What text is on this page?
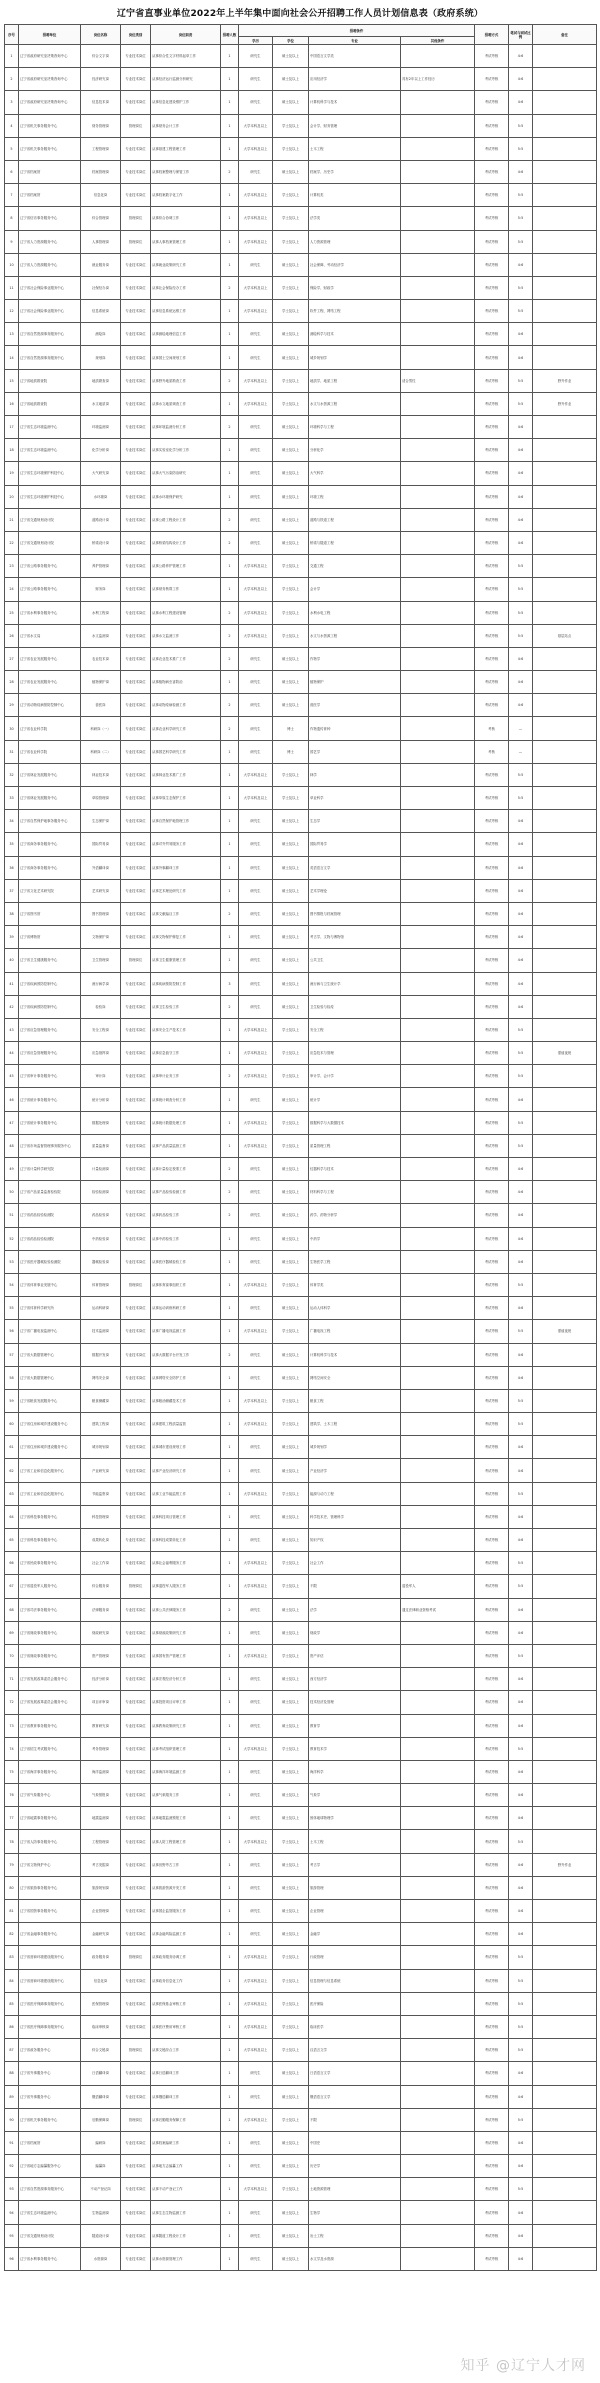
辽宁省直事业单位2022年上半年集中面向社会公开招聘工作人员计划信息表（政府系统）
序号	招聘单位	岗位名称	岗位类别	岗位职责	招聘人数	招聘条件				招聘方式	笔试与面试比例	备注
						学历	学位	专业	其他条件			
1	辽宁省政府研究室决策咨询中心	综合文字岗	专业技术岗位	从事综合性文字材料起草工作	1	研究生	硕士及以上	中国语言文学类		考试考核	4:6	
2	辽宁省政府研究室决策咨询中心	经济研究岗	专业技术岗位	从事经济运行监测分析研究	1	研究生	硕士及以上	应用经济学	具有2年以上工作经历	考试考核	4:6	
3	辽宁省政府研究室决策咨询中心	信息技术岗	专业技术岗位	从事信息化建设维护工作	1	研究生	硕士及以上	计算机科学与技术		考试考核	4:6	
4	辽宁省机关事务服务中心	财务管理岗	管理岗位	从事财务会计工作	1	大学本科及以上	学士及以上	会计学、财务管理		考试考核	5:5	
5	辽宁省机关事务服务中心	工程管理岗	专业技术岗位	从事基建工程管理工作	1	大学本科及以上	学士及以上	土木工程		考试考核	5:5	
6	辽宁省档案馆	档案管理岗	专业技术岗位	从事档案整理与保管工作	2	研究生	硕士及以上	档案学、历史学		考试考核	4:6	
7	辽宁省档案馆	信息化岗	专业技术岗位	从事档案数字化工作	1	大学本科及以上	学士及以上	计算机类		考试考核	5:5	
8	辽宁省信访事务服务中心	综合管理岗	管理岗位	从事综合协调工作	1	大学本科及以上	学士及以上	法学类		考试考核	5:5	
9	辽宁省人力资源服务中心	人事管理岗	管理岗位	从事人事档案管理工作	1	大学本科及以上	学士及以上	人力资源管理		考试考核	5:5	
10	辽宁省人力资源服务中心	就业服务岗	专业技术岗位	从事就业政策研究工作	1	研究生	硕士及以上	社会保障、劳动经济学		考试考核	4:6	
11	辽宁省社会保险事业服务中心	社保经办岗	专业技术岗位	从事社会保险经办工作	2	大学本科及以上	学士及以上	保险学、财政学		考试考核	5:5	
12	辽宁省社会保险事业服务中心	信息系统岗	专业技术岗位	从事信息系统运维工作	1	大学本科及以上	学士及以上	软件工程、网络工程		考试考核	5:5	
13	辽宁省自然资源事务服务中心	测绘岗	专业技术岗位	从事测绘地理信息工作	1	研究生	硕士及以上	测绘科学与技术		考试考核	4:6	
14	辽宁省自然资源事务服务中心	规划岗	专业技术岗位	从事国土空间规划工作	1	研究生	硕士及以上	城乡规划学		考试考核	4:6	
15	辽宁省地质勘查院	地质勘查岗	专业技术岗位	从事野外地质勘查工作	2	大学本科及以上	学士及以上	地质学、地质工程	适合男性	考试考核	5:5	野外作业
16	辽宁省地质勘查院	水文地质岗	专业技术岗位	从事水文地质调查工作	1	大学本科及以上	学士及以上	水文与水资源工程		考试考核	5:5	野外作业
17	辽宁省生态环境监测中心	环境监测岗	专业技术岗位	从事环境监测分析工作	2	研究生	硕士及以上	环境科学与工程		考试考核	4:6	
18	辽宁省生态环境监测中心	化学分析岗	专业技术岗位	从事实验室化学分析工作	1	研究生	硕士及以上	分析化学		考试考核	4:6	
19	辽宁省生态环境保护科技中心	大气研究岗	专业技术岗位	从事大气污染防治研究	1	研究生	硕士及以上	大气科学		考试考核	4:6	
20	辽宁省生态环境保护科技中心	水环境岗	专业技术岗位	从事水环境保护研究	1	研究生	硕士及以上	环境工程		考试考核	4:6	
21	辽宁省交通规划设计院	道路设计岗	专业技术岗位	从事公路工程设计工作	2	研究生	硕士及以上	道路与铁道工程		考试考核	4:6	
22	辽宁省交通规划设计院	桥梁设计岗	专业技术岗位	从事桥梁结构设计工作	2	研究生	硕士及以上	桥梁与隧道工程		考试考核	4:6	
23	辽宁省公路事务服务中心	养护管理岗	专业技术岗位	从事公路养护管理工作	1	大学本科及以上	学士及以上	交通工程		考试考核	5:5	
24	辽宁省公路事务服务中心	财务岗	专业技术岗位	从事财务核算工作	1	大学本科及以上	学士及以上	会计学		考试考核	5:5	
25	辽宁省水利事务服务中心	水利工程岗	专业技术岗位	从事水利工程建设管理	2	大学本科及以上	学士及以上	水利水电工程		考试考核	5:5	
26	辽宁省水文局	水文监测岗	专业技术岗位	从事水文监测工作	2	大学本科及以上	学士及以上	水文与水资源工程		考试考核	5:5	基层站点
27	辽宁省农业发展服务中心	农业技术岗	专业技术岗位	从事农业技术推广工作	2	研究生	硕士及以上	作物学		考试考核	4:6	
28	辽宁省农业发展服务中心	植物保护岗	专业技术岗位	从事植物病虫害防治	1	研究生	硕士及以上	植物保护		考试考核	4:6	
29	辽宁省动物疫病预防控制中心	兽医岗	专业技术岗位	从事动物疫病检测工作	2	研究生	硕士及以上	兽医学		考试考核	4:6	
30	辽宁省农业科学院	科研岗（一）	专业技术岗位	从事农业科学研究工作	2	研究生	博士	作物遗传育种		考核	—	
31	辽宁省农业科学院	科研岗（二）	专业技术岗位	从事园艺科学研究工作	1	研究生	博士	园艺学		考核	—	
32	辽宁省林业发展服务中心	林业技术岗	专业技术岗位	从事林业技术推广工作	1	大学本科及以上	学士及以上	林学		考试考核	5:5	
33	辽宁省林业发展服务中心	草原管理岗	专业技术岗位	从事草原生态保护工作	1	大学本科及以上	学士及以上	草业科学		考试考核	5:5	
34	辽宁省自然保护地事务服务中心	生态保护岗	专业技术岗位	从事自然保护地管理工作	1	研究生	硕士及以上	生态学		考试考核	4:6	
35	辽宁省商务事务服务中心	国际贸易岗	专业技术岗位	从事对外贸易服务工作	1	研究生	硕士及以上	国际贸易学		考试考核	4:6	
36	辽宁省商务事务服务中心	外语翻译岗	专业技术岗位	从事外事翻译工作	1	研究生	硕士及以上	英语语言文学		考试考核	4:6	
37	辽宁省文化艺术研究院	艺术研究岗	专业技术岗位	从事艺术理论研究工作	1	研究生	硕士及以上	艺术学理论		考试考核	4:6	
38	辽宁省图书馆	图书管理岗	专业技术岗位	从事文献编目工作	2	研究生	硕士及以上	图书情报与档案管理		考试考核	4:6	
39	辽宁省博物馆	文物保护岗	专业技术岗位	从事文物保护修复工作	1	研究生	硕士及以上	考古学、文物与博物馆		考试考核	4:6	
40	辽宁省卫生健康服务中心	卫生管理岗	管理岗位	从事卫生健康管理工作	1	研究生	硕士及以上	公共卫生		考试考核	4:6	
41	辽宁省疾病预防控制中心	流行病学岗	专业技术岗位	从事疾病预防控制工作	3	研究生	硕士及以上	流行病与卫生统计学		考试考核	4:6	
42	辽宁省疾病预防控制中心	检验岗	专业技术岗位	从事卫生检验工作	2	研究生	硕士及以上	卫生检验与检疫		考试考核	4:6	
43	辽宁省应急管理服务中心	安全工程岗	专业技术岗位	从事安全生产技术工作	1	大学本科及以上	学士及以上	安全工程		考试考核	5:5	
44	辽宁省应急管理服务中心	应急指挥岗	专业技术岗位	从事应急值守工作	1	大学本科及以上	学士及以上	应急技术与管理		考试考核	5:5	需值夜班
45	辽宁省审计事务服务中心	审计岗	专业技术岗位	从事审计业务工作	2	大学本科及以上	学士及以上	审计学、会计学		考试考核	5:5	
46	辽宁省统计事务服务中心	统计分析岗	专业技术岗位	从事统计调查分析工作	1	研究生	硕士及以上	统计学		考试考核	4:6	
47	辽宁省统计事务服务中心	数据处理岗	专业技术岗位	从事统计数据处理工作	1	大学本科及以上	学士及以上	数据科学与大数据技术		考试考核	5:5	
48	辽宁省市场监督管理事务服务中心	质量监督岗	专业技术岗位	从事产品质量监督工作	1	大学本科及以上	学士及以上	质量管理工程		考试考核	5:5	
49	辽宁省计量科学研究院	计量检测岗	专业技术岗位	从事计量检定校准工作	2	研究生	硕士及以上	仪器科学与技术		考试考核	4:6	
50	辽宁省产品质量监督检验院	检验检测岗	专业技术岗位	从事产品检验检测工作	2	研究生	硕士及以上	材料科学与工程		考试考核	4:6	
51	辽宁省药品检验检测院	药品检验岗	专业技术岗位	从事药品检验工作	2	研究生	硕士及以上	药学、药物分析学		考试考核	4:6	
52	辽宁省药品检验检测院	中药检验岗	专业技术岗位	从事中药检验工作	1	研究生	硕士及以上	中药学		考试考核	4:6	
53	辽宁省医疗器械检验检测院	器械检验岗	专业技术岗位	从事医疗器械检验工作	1	研究生	硕士及以上	生物医学工程		考试考核	4:6	
54	辽宁省体育事业发展中心	体育管理岗	管理岗位	从事体育赛事组织工作	1	大学本科及以上	学士及以上	体育学类		考试考核	5:5	
55	辽宁省体育科学研究所	运动科研岗	专业技术岗位	从事运动训练科研工作	1	研究生	硕士及以上	运动人体科学		考试考核	4:6	
56	辽宁省广播电视监测中心	技术监测岗	专业技术岗位	从事广播电视监测工作	1	大学本科及以上	学士及以上	广播电视工程		考试考核	5:5	需值夜班
57	辽宁省大数据管理中心	数据开发岗	专业技术岗位	从事大数据平台开发工作	2	研究生	硕士及以上	计算机科学与技术		考试考核	4:6	
58	辽宁省大数据管理中心	网络安全岗	专业技术岗位	从事网络安全防护工作	1	研究生	硕士及以上	网络空间安全		考试考核	4:6	
59	辽宁省粮食发展服务中心	粮食储藏岗	专业技术岗位	从事粮油储藏技术工作	1	大学本科及以上	学士及以上	粮食工程		考试考核	5:5	
60	辽宁省住房和城乡建设服务中心	建筑工程岗	专业技术岗位	从事建筑工程质量监管	1	大学本科及以上	学士及以上	建筑学、土木工程		考试考核	5:5	
61	辽宁省住房和城乡建设服务中心	城市规划岗	专业技术岗位	从事城市建设规划工作	1	研究生	硕士及以上	城乡规划学		考试考核	4:6	
62	辽宁省工业和信息化服务中心	产业研究岗	专业技术岗位	从事产业经济研究工作	1	研究生	硕士及以上	产业经济学		考试考核	4:6	
63	辽宁省工业和信息化服务中心	节能监察岗	专业技术岗位	从事工业节能监察工作	1	大学本科及以上	学士及以上	能源与动力工程		考试考核	5:5	
64	辽宁省科技事务服务中心	科技管理岗	专业技术岗位	从事科技项目管理工作	1	研究生	硕士及以上	科学技术史、管理科学		考试考核	4:6	
65	辽宁省科技事务服务中心	成果转化岗	专业技术岗位	从事科技成果转化工作	1	研究生	硕士及以上	知识产权		考试考核	4:6	
66	辽宁省民政事务服务中心	社会工作岗	专业技术岗位	从事社会福利服务工作	1	大学本科及以上	学士及以上	社会工作		考试考核	5:5	
67	辽宁省退役军人服务中心	综合服务岗	管理岗位	从事退役军人服务工作	1	大学本科及以上	学士及以上	不限	退役军人	考试考核	5:5	
68	辽宁省司法事务服务中心	法律服务岗	专业技术岗位	从事公共法律服务工作	2	研究生	硕士及以上	法学	通过法律职业资格考试	考试考核	4:6	
69	辽宁省财政事务服务中心	财政研究岗	专业技术岗位	从事财政政策研究工作	1	研究生	硕士及以上	财政学		考试考核	4:6	
70	辽宁省财政事务服务中心	资产管理岗	专业技术岗位	从事国有资产管理工作	1	大学本科及以上	学士及以上	资产评估		考试考核	5:5	
71	辽宁省发展改革委员会服务中心	经济分析岗	专业技术岗位	从事宏观经济分析工作	1	研究生	硕士及以上	西方经济学		考试考核	4:6	
72	辽宁省发展改革委员会服务中心	项目评审岗	专业技术岗位	从事投资项目评审工作	1	研究生	硕士及以上	技术经济及管理		考试考核	4:6	
73	辽宁省教育事务服务中心	教育研究岗	专业技术岗位	从事教育政策研究工作	1	研究生	硕士及以上	教育学		考试考核	4:6	
74	辽宁省招生考试服务中心	考务管理岗	专业技术岗位	从事考试组织管理工作	1	大学本科及以上	学士及以上	教育技术学		考试考核	5:5	
75	辽宁省海洋事务服务中心	海洋监测岗	专业技术岗位	从事海洋环境监测工作	1	研究生	硕士及以上	海洋科学		考试考核	4:6	
76	辽宁省气象服务中心	气象预报岗	专业技术岗位	从事气象服务工作	1	研究生	硕士及以上	气象学		考试考核	4:6	
77	辽宁省地震事务服务中心	地震监测岗	专业技术岗位	从事地震监测预报工作	1	研究生	硕士及以上	固体地球物理学		考试考核	4:6	
78	辽宁省人防事务服务中心	工程管理岗	专业技术岗位	从事人防工程管理工作	1	大学本科及以上	学士及以上	土木工程		考试考核	5:5	
79	辽宁省文物保护中心	考古发掘岗	专业技术岗位	从事田野考古工作	1	研究生	硕士及以上	考古学		考试考核	4:6	野外作业
80	辽宁省旅游事务服务中心	旅游规划岗	专业技术岗位	从事旅游资源开发工作	1	研究生	硕士及以上	旅游管理		考试考核	4:6	
81	辽宁省国资事务服务中心	企业管理岗	专业技术岗位	从事国企监管服务工作	1	研究生	硕士及以上	企业管理		考试考核	4:6	
82	辽宁省金融事务服务中心	金融研究岗	专业技术岗位	从事金融风险监测工作	1	研究生	硕士及以上	金融学		考试考核	4:6	
83	辽宁省营商环境建设服务中心	政务服务岗	管理岗位	从事政务服务协调工作	1	大学本科及以上	学士及以上	行政管理		考试考核	5:5	
84	辽宁省营商环境建设服务中心	信息化岗	专业技术岗位	从事政务信息化工作	1	大学本科及以上	学士及以上	信息管理与信息系统		考试考核	5:5	
85	辽宁省医疗保障事务服务中心	医保管理岗	专业技术岗位	从事医保基金审核工作	1	大学本科及以上	学士及以上	医疗保险		考试考核	5:5	
86	辽宁省医疗保障事务服务中心	临床审核岗	专业技术岗位	从事医疗费用审核工作	1	大学本科及以上	学士及以上	临床医学		考试考核	5:5	
87	辽宁省政务服务中心	综合文秘岗	管理岗位	从事文秘综合工作	1	大学本科及以上	学士及以上	汉语言文学		考试考核	5:5	
88	辽宁省外事服务中心	日语翻译岗	专业技术岗位	从事日语翻译工作	1	研究生	硕士及以上	日语语言文学		考试考核	4:6	
89	辽宁省外事服务中心	俄语翻译岗	专业技术岗位	从事俄语翻译工作	1	研究生	硕士及以上	俄语语言文学		考试考核	4:6	
90	辽宁省机关事务服务中心	后勤保障岗	管理岗位	从事后勤服务保障工作	1	大学本科及以上	学士及以上	不限		考试考核	5:5	
91	辽宁省档案馆	编研岗	专业技术岗位	从事档案编研工作	1	研究生	硕士及以上	中国史		考试考核	4:6	
92	辽宁省地方志编纂服务中心	编纂岗	专业技术岗位	从事地方志编纂工作	1	研究生	硕士及以上	历史学		考试考核	4:6	
93	辽宁省自然资源事务服务中心	不动产登记岗	专业技术岗位	从事不动产登记工作	1	大学本科及以上	学士及以上	土地资源管理		考试考核	5:5	
94	辽宁省生态环境监测中心	生物监测岗	专业技术岗位	从事生态生物监测工作	1	研究生	硕士及以上	生物学		考试考核	4:6	
95	辽宁省交通规划设计院	隧道设计岗	专业技术岗位	从事隧道工程设计工作	1	研究生	硕士及以上	岩土工程		考试考核	4:6	
96	辽宁省水利事务服务中心	水资源岗	专业技术岗位	从事水资源管理工作	1	研究生	硕士及以上	水文学及水资源		考试考核	4:6	
知乎 @辽宁人才网
